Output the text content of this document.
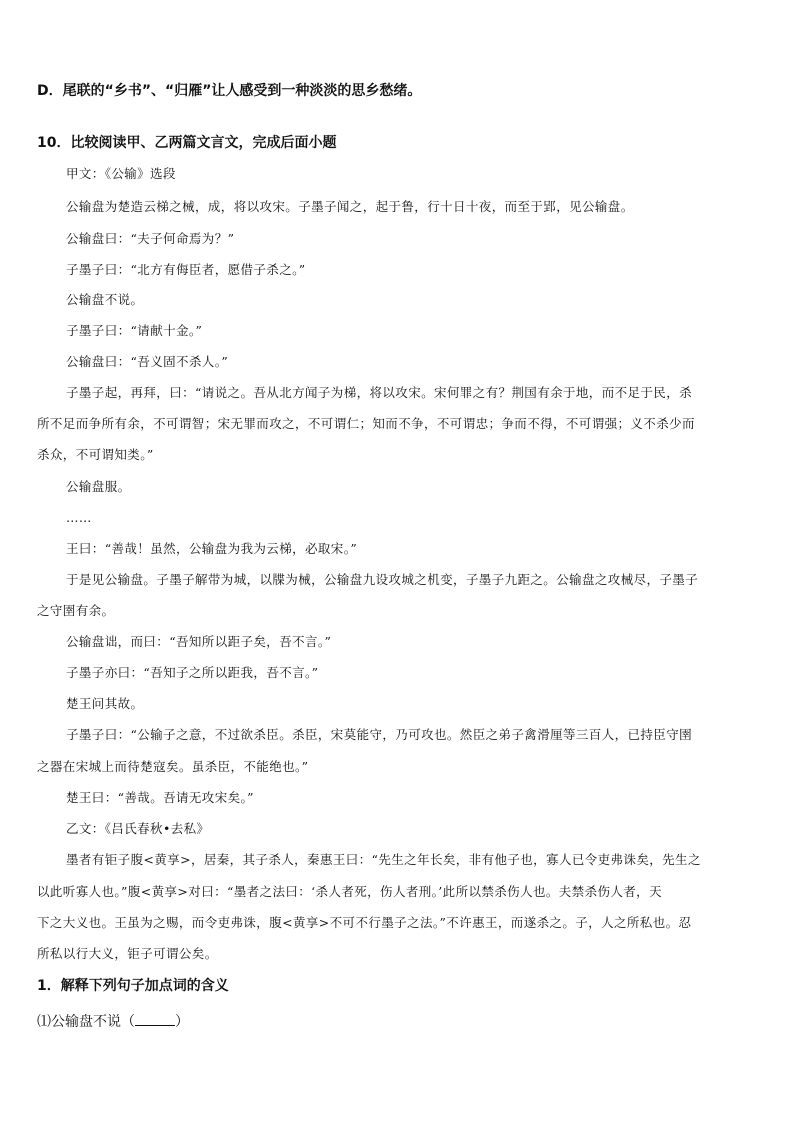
D．尾联的“乡书”、“归雁”让人感受到一种淡淡的思乡愁绪。
10．比较阅读甲、乙两篇文言文，完成后面小题
甲文：《公输》选段
公输盘为楚造云梯之械，成，将以攻宋。子墨子闻之，起于鲁，行十日十夜，而至于郢，见公输盘。
公输盘曰：“夫子何命焉为？”
子墨子曰：“北方有侮臣者，愿借子杀之。”
公输盘不说。
子墨子曰：“请献十金。”
公输盘曰：“吾义固不杀人。”
子墨子起，再拜，曰：“请说之。吾从北方闻子为梯，将以攻宋。宋何罪之有？荆国有余于地，而不足于民，杀
所不足而争所有余，不可谓智；宋无罪而攻之，不可谓仁；知而不争，不可谓忠；争而不得，不可谓强；义不杀少而
杀众，不可谓知类。”
公输盘服。
……
王曰：“善哉！虽然，公输盘为我为云梯，必取宋。”
于是见公输盘。子墨子解带为城，以牒为械，公输盘九设攻城之机变，子墨子九距之。公输盘之攻械尽，子墨子
之守圉有余。
公输盘诎，而曰：“吾知所以距子矣，吾不言。”
子墨子亦曰：“吾知子之所以距我，吾不言。”
楚王问其故。
子墨子曰：“公输子之意，不过欲杀臣。杀臣，宋莫能守，乃可攻也。然臣之弟子禽滑厘等三百人，已持臣守圉
之器在宋城上而待楚寇矣。虽杀臣，不能绝也。”
楚王曰：“善哉。吾请无攻宋矣。”
乙文：《吕氏春秋•去私》
墨者有钜子腹<黄享>，居秦，其子杀人，秦惠王曰：“先生之年长矣，非有他子也，寡人已令吏弗诛矣，先生之
以此听寡人也。”腹<黄享>对曰：“墨者之法曰：‘杀人者死，伤人者刑。’此所以禁杀伤人也。夫禁杀伤人者，天
下之大义也。王虽为之赐，而令吏弗诛，腹<黄享>不可不行墨子之法。”不许惠王，而遂杀之。子，人之所私也。忍
所私以行大义，钜子可谓公矣。
1．解释下列句子加点词的含义
⑴公输盘不说（	）
